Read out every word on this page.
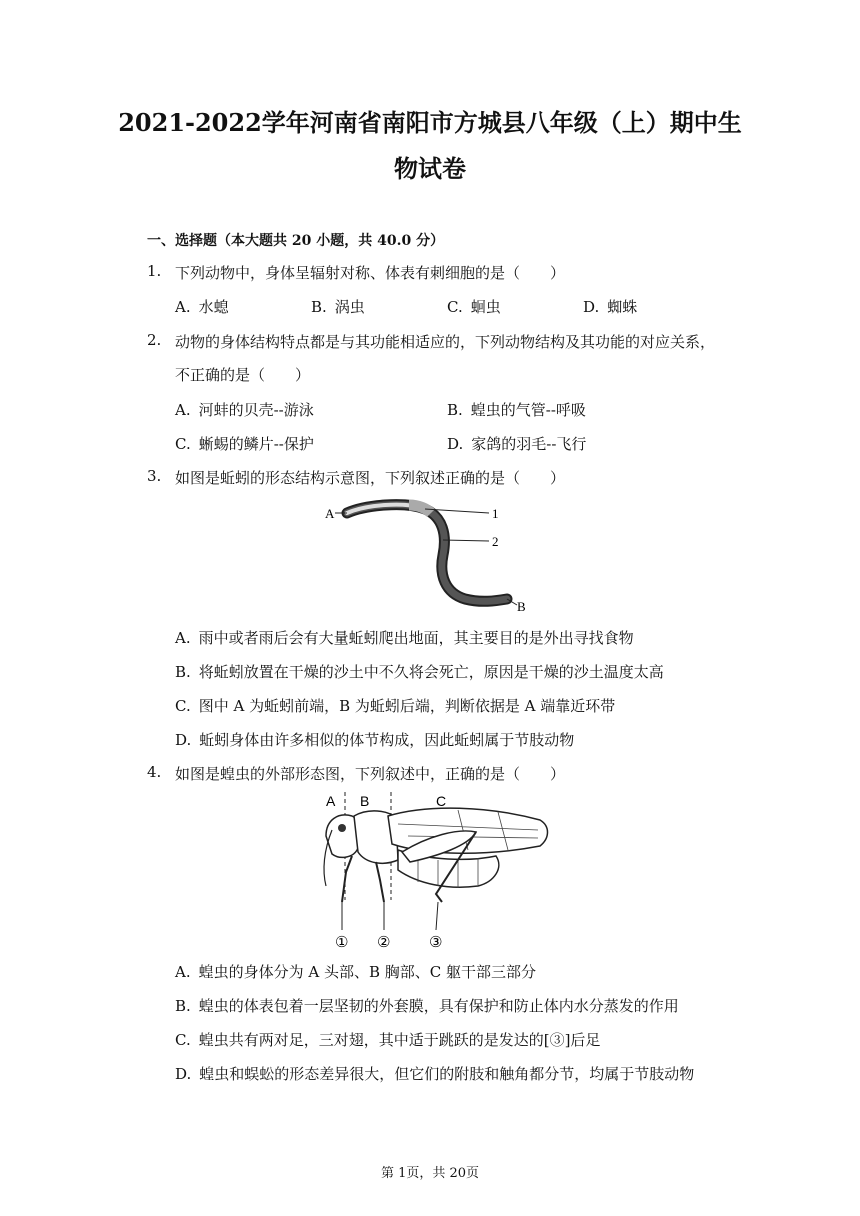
2021-2022学年河南省南阳市方城县八年级（上）期中生
物试卷
一、选择题（本大题共 20 小题，共 40.0 分）
1. 下列动物中，身体呈辐射对称、体表有刺细胞的是（　　）
A. 水螅	B. 涡虫	C. 蛔虫	D. 蜘蛛
2. 动物的身体结构特点都是与其功能相适应的，下列动物结构及其功能的对应关系，
不正确的是（　　）
A. 河蚌的贝壳--游泳	B. 蝗虫的气管--呼吸
C. 蜥蜴的鳞片--保护	D. 家鸽的羽毛--飞行
3. 如图是蚯蚓的形态结构示意图，下列叙述正确的是（　　）
A	1
2
B
A. 雨中或者雨后会有大量蚯蚓爬出地面，其主要目的是外出寻找食物
B. 将蚯蚓放置在干燥的沙土中不久将会死亡，原因是干燥的沙土温度太高
C. 图中 A 为蚯蚓前端，B 为蚯蚓后端，判断依据是 A 端靠近环带
D. 蚯蚓身体由许多相似的体节构成，因此蚯蚓属于节肢动物
4. 如图是蝗虫的外部形态图，下列叙述中，正确的是（　　）
A B	C
① ②	③
A. 蝗虫的身体分为 A 头部、B 胸部、C 躯干部三部分
B. 蝗虫的体表包着一层坚韧的外套膜，具有保护和防止体内水分蒸发的作用
C. 蝗虫共有两对足，三对翅，其中适于跳跃的是发达的[③]后足
D. 蝗虫和蜈蚣的形态差异很大，但它们的附肢和触角都分节，均属于节肢动物
第 1页，共 20页
